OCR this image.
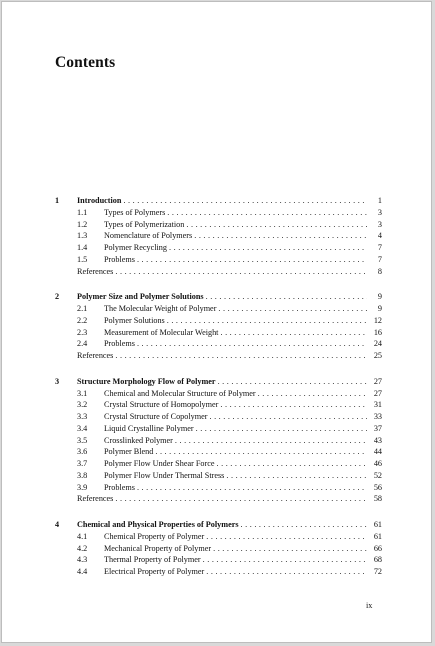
Contents
1	Introduction . . .	1
1.1	Types of Polymers . . .	3
1.2	Types of Polymerization . . .	3
1.3	Nomenclature of Polymers . . .	4
1.4	Polymer Recycling . . .	7
1.5	Problems . . .	7
References . . .	8
2	Polymer Size and Polymer Solutions . . .	9
2.1	The Molecular Weight of Polymer . . .	9
2.2	Polymer Solutions . . .	12
2.3	Measurement of Molecular Weight . . .	16
2.4	Problems . . .	24
References . . .	25
3	Structure Morphology Flow of Polymer . . .	27
3.1	Chemical and Molecular Structure of Polymer . . .	27
3.2	Crystal Structure of Homopolymer . . .	31
3.3	Crystal Structure of Copolymer . . .	33
3.4	Liquid Crystalline Polymer . . .	37
3.5	Crosslinked Polymer . . .	43
3.6	Polymer Blend . . .	44
3.7	Polymer Flow Under Shear Force . . .	46
3.8	Polymer Flow Under Thermal Stress . . .	52
3.9	Problems . . .	56
References . . .	58
4	Chemical and Physical Properties of Polymers . . .	61
4.1	Chemical Property of Polymer . . .	61
4.2	Mechanical Property of Polymer . . .	66
4.3	Thermal Property of Polymer . . .	68
4.4	Electrical Property of Polymer . . .	72
ix
